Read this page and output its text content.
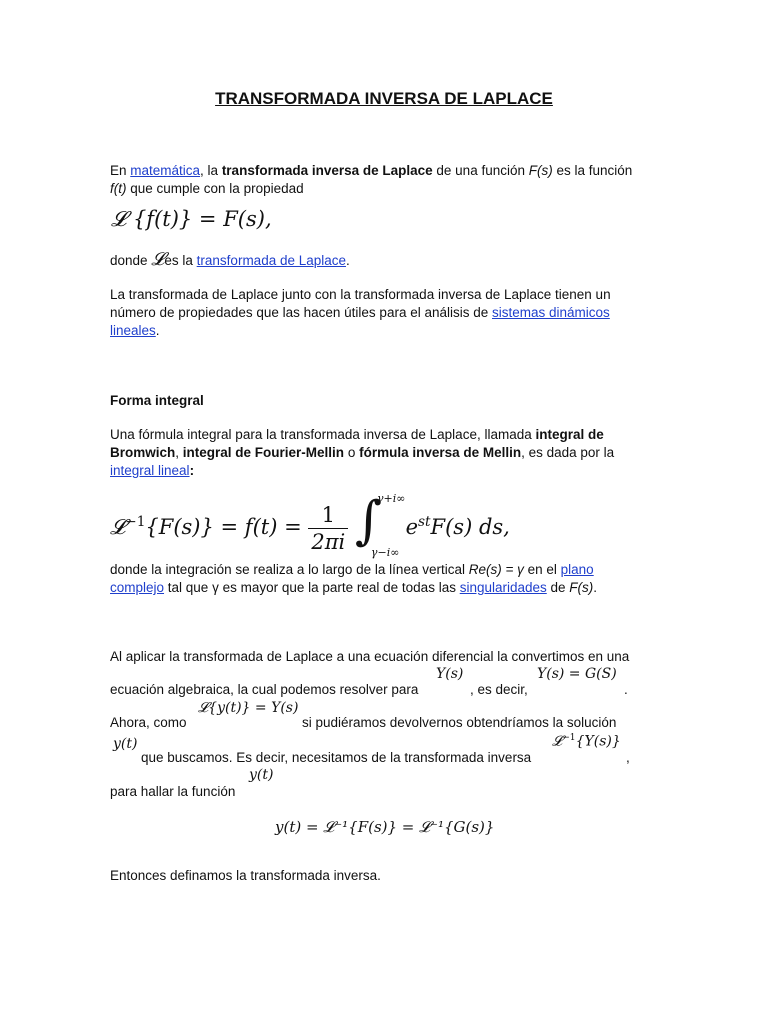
TRANSFORMADA INVERSA DE LAPLACE
En matemática, la transformada inversa de Laplace de una función F(s) es la función
f(t) que cumple con la propiedad
𝓛 {f(t)} = F(s),
donde 𝓛es la transformada de Laplace.
La transformada de Laplace junto con la transformada inversa de Laplace tienen un
número de propiedades que las hacen útiles para el análisis de sistemas dinámicos
lineales.
Forma integral
Una fórmula integral para la transformada inversa de Laplace, llamada integral de
Bromwich, integral de Fourier-Mellin o fórmula inversa de Mellin, es dada por la
integral lineal:
𝓛$^{-1}${F(s)} = $f(t) = \frac{1}{2\pi i}$
∫
γ+i∞
γ−i∞
$e^{st}F(s)$ ds,
donde la integración se realiza a lo largo de la línea vertical Re(s) = γ en el plano
complejo tal que γ es mayor que la parte real de todas las singularidades de F(s).
Al aplicar la transformada de Laplace a una ecuación diferencial la convertimos en una
Y(s)	Y(s) = G(S)
ecuación algebraica, la cual podemos resolver para	, es decir,	.
𝓛{y(t)} = Y(s)
Ahora, como	si pudiéramos devolvernos obtendríamos la solución
y(t)	𝓛$^{-1}${Y(s)}
que buscamos. Es decir, necesitamos de la transformada inversa	,
y(t)
para hallar la función
y(t) = 𝓛⁻¹{F(s)} = 𝓛⁻¹{G(s)}
Entonces definamos la transformada inversa.
